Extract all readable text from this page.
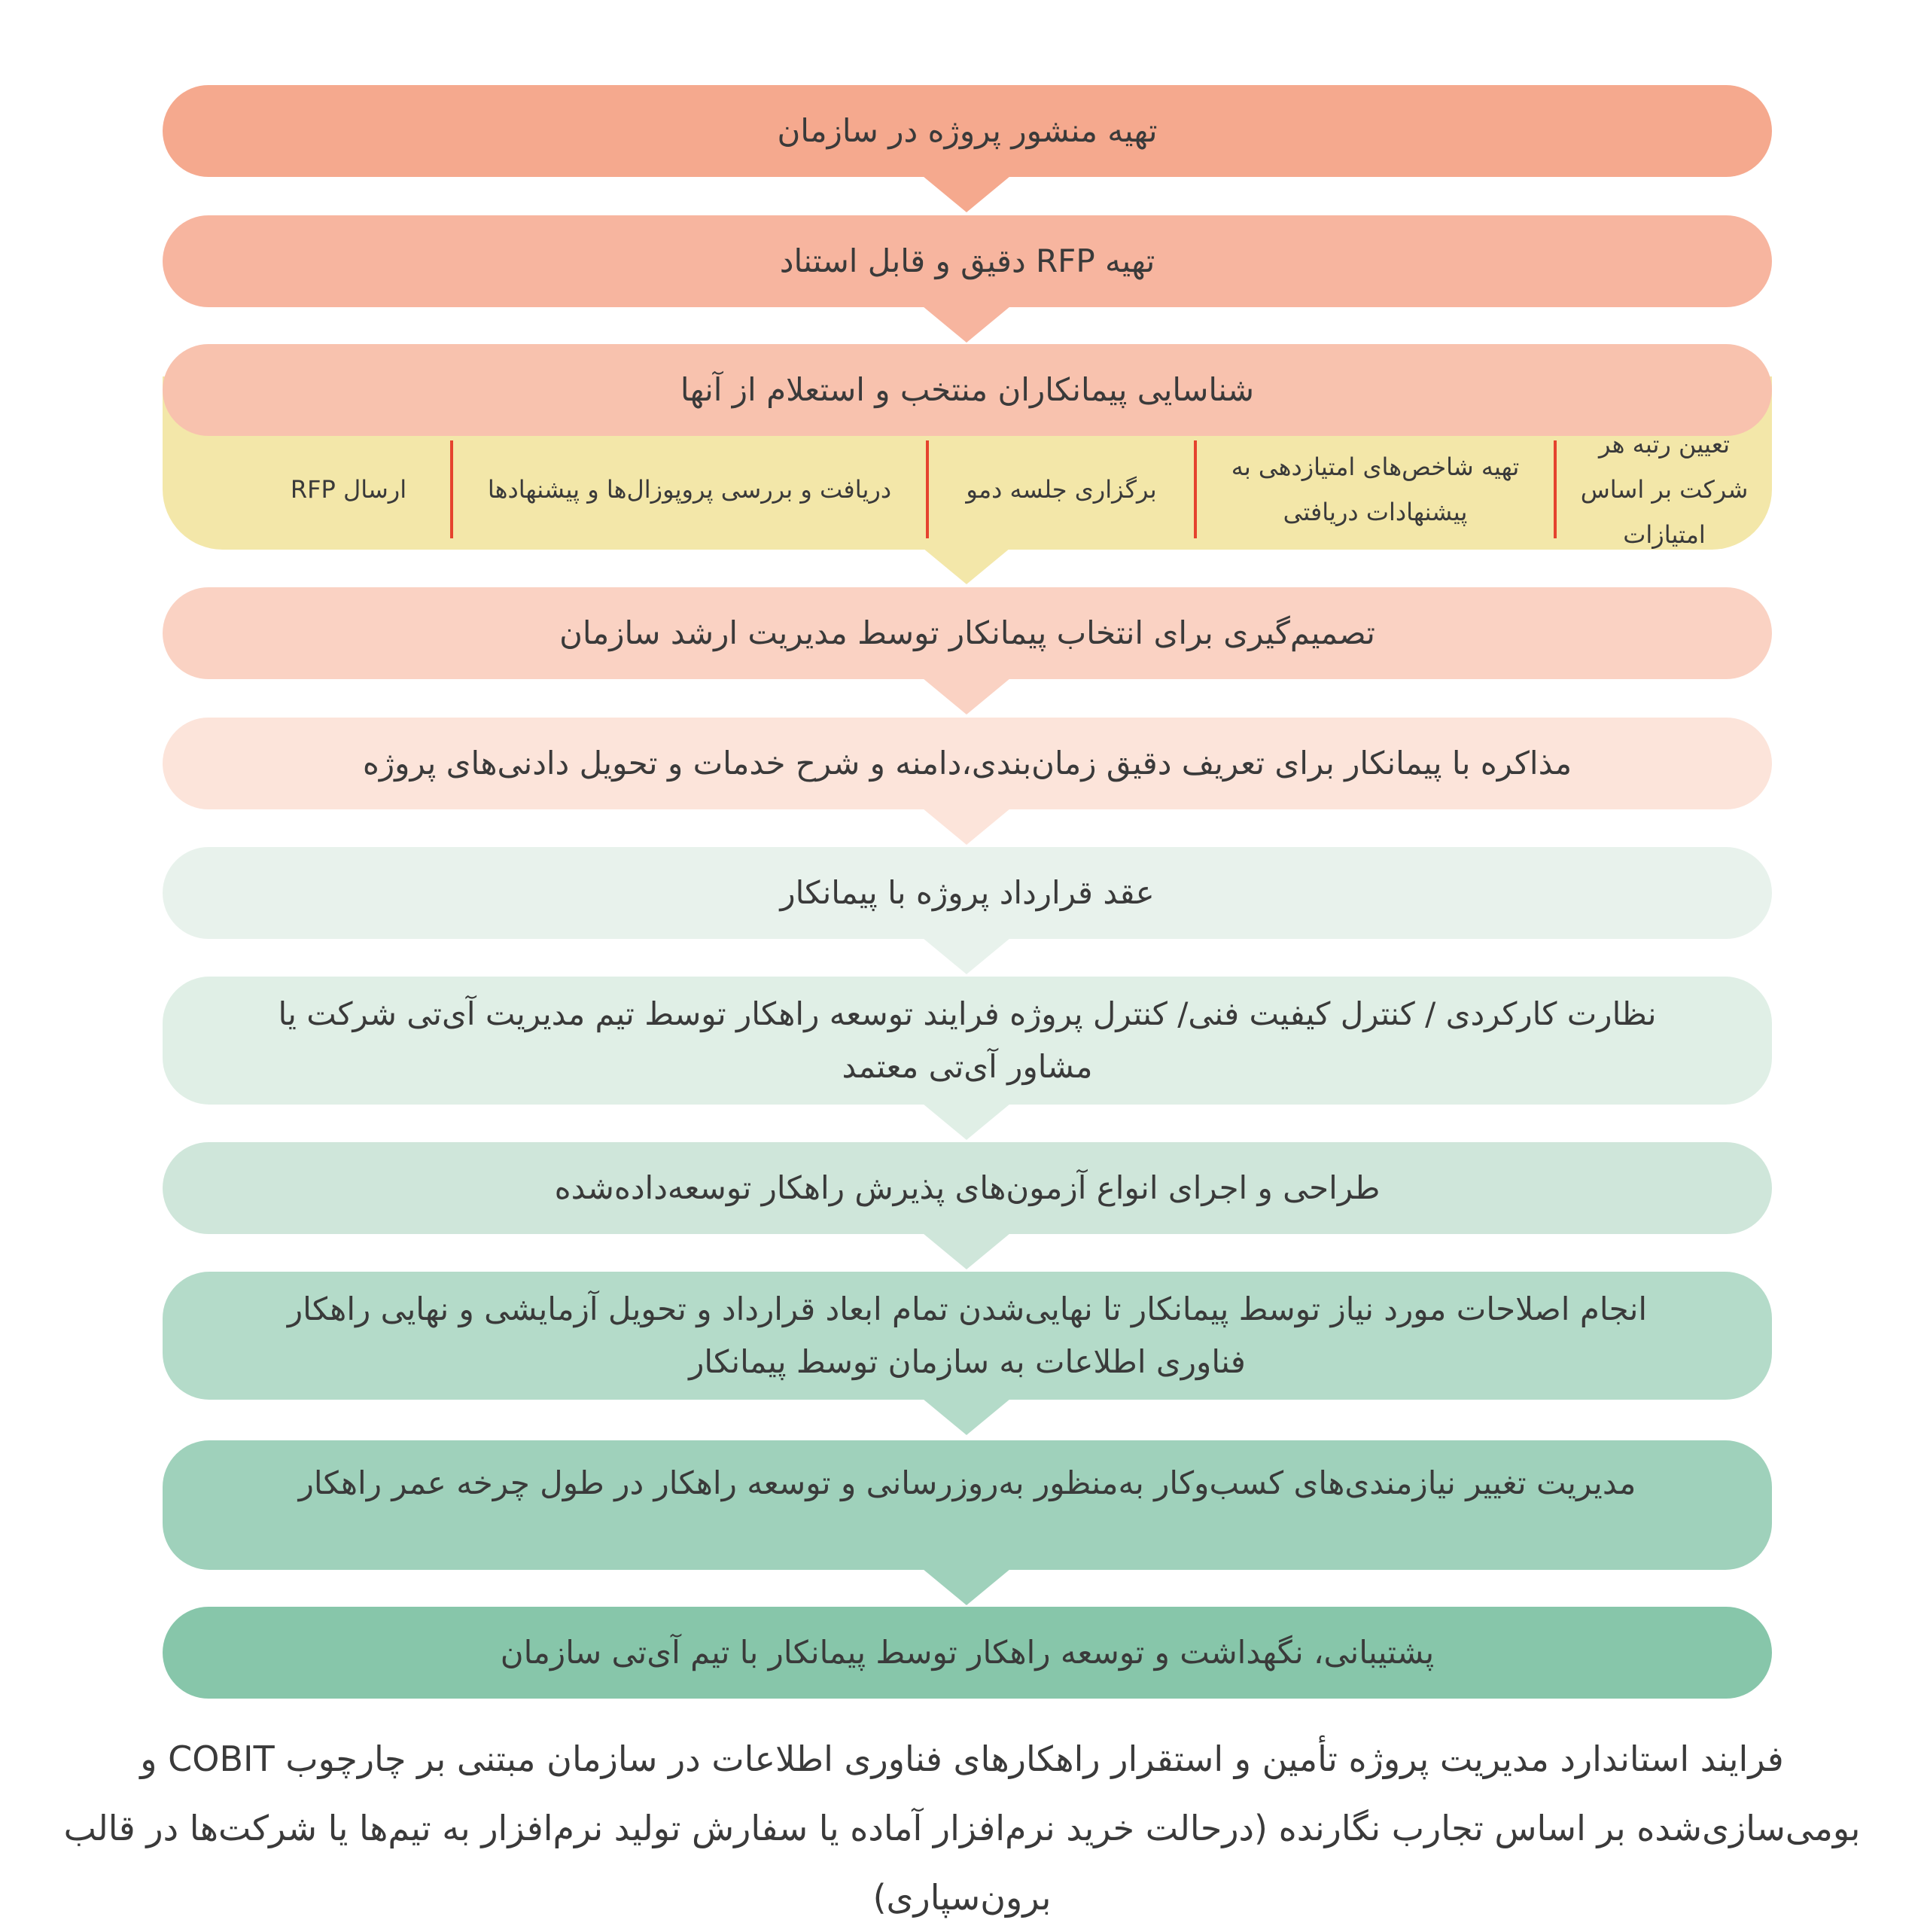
تهیه منشور پروژه در سازمان
تهیه RFP دقیق و قابل استناد
شناسایی پیمانکاران منتخب و استعلام از آنها
تعیین رتبه هر شرکت بر اساس امتیازات
تهیه شاخص‌های امتیازدهی به پیشنهادات دریافتی
برگزاری جلسه دمو
دریافت و بررسی پروپوزال‌ها و پیشنهادها
ارسال RFP
تصمیم‌گیری برای انتخاب پیمانکار توسط مدیریت ارشد سازمان
مذاکره با پیمانکار برای تعریف دقیق زمان‌بندی،دامنه و شرح خدمات و تحویل دادنی‌های پروژه
عقد قرارداد پروژه با پیمانکار
نظارت کارکردی / کنترل کیفیت فنی/ کنترل پروژه فرایند توسعه راهکار توسط تیم مدیریت آی‌تی شرکت یا مشاور آی‌تی معتمد
طراحی و اجرای انواع آزمون‌های پذیرش راهکار توسعه‌داده‌شده
انجام اصلاحات مورد نیاز توسط پیمانکار تا نهایی‌شدن تمام ابعاد قرارداد و تحویل آزمایشی و نهایی راهکار فناوری اطلاعات به سازمان توسط پیمانکار
مدیریت تغییر نیازمندی‌های کسب‌وکار به‌منظور به‌روزرسانی و توسعه راهکار در طول چرخه عمر راهکار
پشتیبانی، نگهداشت و توسعه راهکار توسط پیمانکار با تیم آی‌تی سازمان
فرایند استاندارد مدیریت پروژه تأمین و استقرار راهکارهای فناوری اطلاعات در سازمان مبتنی بر چارچوب COBIT و بومی‌سازی‌شده بر اساس تجارب نگارنده (درحالت خرید نرم‌افزار آماده یا سفارش تولید نرم‌افزار به تیم‌ها یا شرکت‌ها در قالب برون‌سپاری)
